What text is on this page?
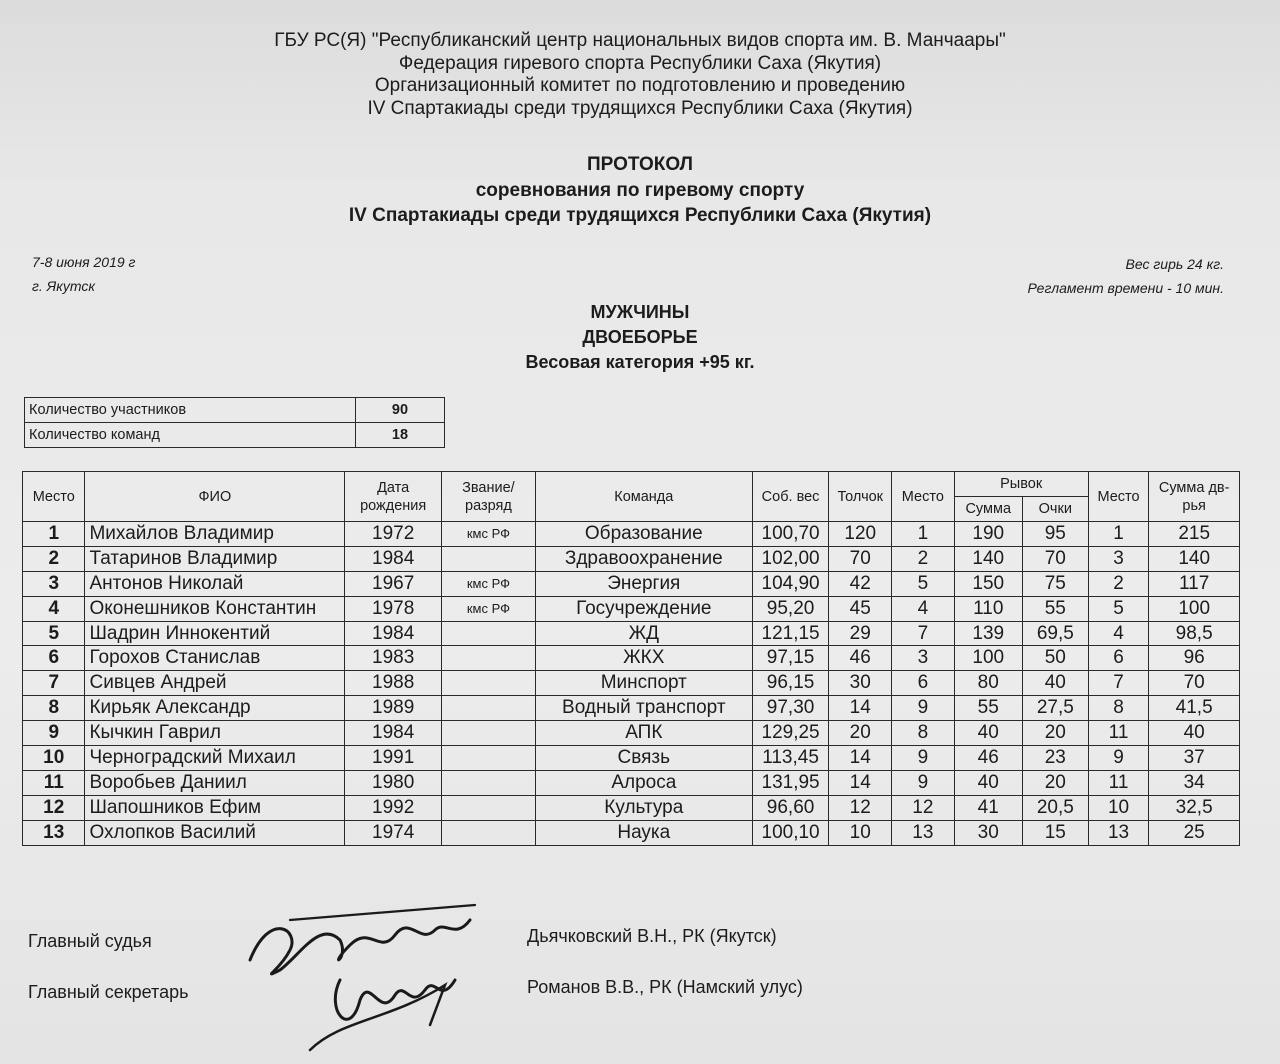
ГБУ РС(Я) "Республиканский центр национальных видов спорта им. В. Манчаары"
Федерация гиревого спорта Республики Саха (Якутия)
Организационный комитет по подготовлению и проведению
IV Спартакиады среди трудящихся Республики Саха (Якутия)
ПРОТОКОЛ
соревнования по гиревому спорту
IV Спартакиады среди трудящихся Республики Саха (Якутия)
7-8 июня 2019 г
г. Якутск
Вес гирь 24 кг.
Регламент времени - 10 мин.
МУЖЧИНЫ
ДВОЕБОРЬЕ
Весовая категория +95 кг.
Количество участников	90
Количество команд	18
Место	ФИО	Дата рождения	Звание/разряд	Команда	Соб. вес	Толчок	Место	Рывок		Место	Сумма дв-рья
								Сумма	Очки		
1	Михайлов Владимир	1972	кмс РФ	Образование	100,70	120	1	190	95	1	215
2	Татаринов Владимир	1984		Здравоохранение	102,00	70	2	140	70	3	140
3	Антонов Николай	1967	кмс РФ	Энергия	104,90	42	5	150	75	2	117
4	Оконешников Константин	1978	кмс РФ	Госучреждение	95,20	45	4	110	55	5	100
5	Шадрин Иннокентий	1984		ЖД	121,15	29	7	139	69,5	4	98,5
6	Горохов Станислав	1983		ЖКХ	97,15	46	3	100	50	6	96
7	Сивцев Андрей	1988		Минспорт	96,15	30	6	80	40	7	70
8	Кирьяк Александр	1989		Водный транспорт	97,30	14	9	55	27,5	8	41,5
9	Кычкин Гаврил	1984		АПК	129,25	20	8	40	20	11	40
10	Черноградский Михаил	1991		Связь	113,45	14	9	46	23	9	37
11	Воробьев Даниил	1980		Алроса	131,95	14	9	40	20	11	34
12	Шапошников Ефим	1992		Культура	96,60	12	12	41	20,5	10	32,5
13	Охлопков Василий	1974		Наука	100,10	10	13	30	15	13	25
Главный судья	Дьячковский В.Н., РК (Якутск)
Главный секретарь	Романов В.В., РК (Намский улус)
